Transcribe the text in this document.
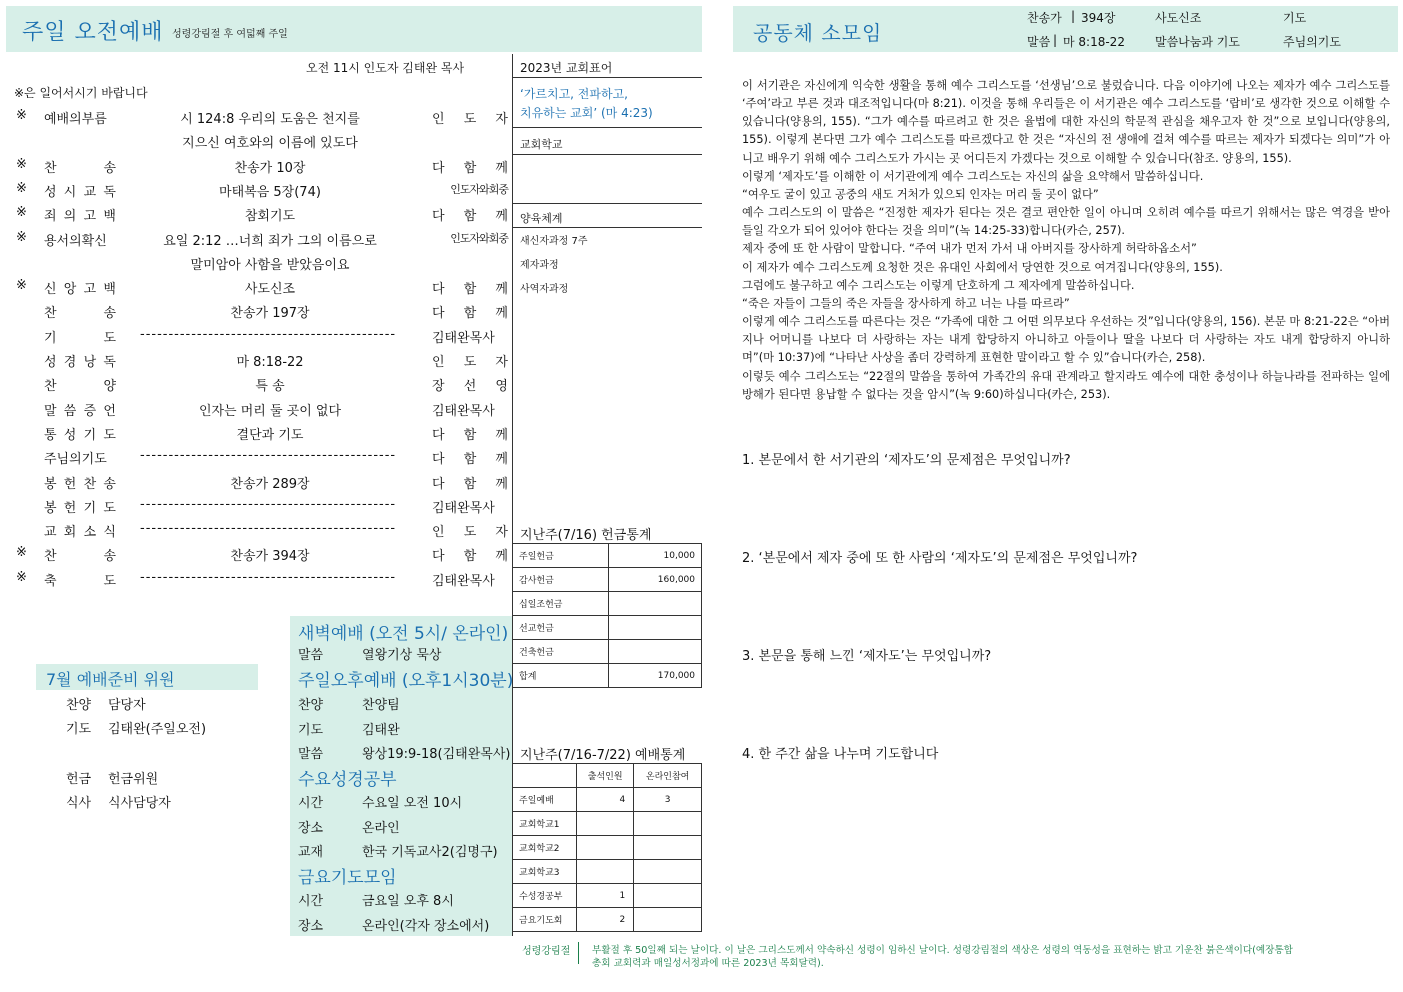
주일 오전예배 성령강림절 후 여덟째 주일
오전 11시 인도자 김태완 목사
※은 일어서시기 바랍니다
※ 예배의부름	시 124:8 우리의 도움은 천지를	인 도 자
지으신 여호와의 이름에 있도다
※ 찬 송	찬송가 10장	다 함 께
※ 성 시 교 독	마태복음 5장(74)	인도자와회중
※ 죄 의 고 백	참회기도	다 함 께
※ 용서의확신	요일 2:12 …너희 죄가 그의 이름으로	인도자와회중
말미암아 사함을 받았음이요
※ 신 앙 고 백	사도신조	다 함 께
찬 송	찬송가 197장	다 함 께
기 도 ---------------------------------------------	김태완목사
성 경 낭 독	마 8:18-22	인 도 자
찬 양	특 송	장 선 영
말 씀 증 언	인자는 머리 둘 곳이 없다	김태완목사
통 성 기 도	결단과 기도	다 함 께
주님의기도	---------------------------------------------	다 함 께
봉 헌 찬 송	찬송가 289장	다 함 께
봉 헌 기 도 ---------------------------------------------	김태완목사
교 회 소 식 ---------------------------------------------	인 도 자
※ 찬 송	찬송가 394장	다 함 께
※ 축 도 ---------------------------------------------	김태완목사
2023년 교회표어
‘가르치고, 전파하고,
치유하는 교회’ (마 4:23)
교회학교
양육체계
새신자과정 7주
제자과정
사역자과정
지난주(7/16) 헌금통계
주일헌금	10,000
감사헌금	160,000
십일조헌금	
선교헌금	
건축헌금	
합계	170,000
지난주(7/16-7/22) 예배통계
	출석인원	온라인참여
주일예배	4	3
교회학교1		
교회학교2		
교회학교3		
수성경공부	1	
금요기도회	2	
7월 예배준비 위원
찬양 담당자
기도 김태완(주일오전)
헌금 헌금위원
식사 식사담당자
새벽예배 (오전 5시/ 온라인)
말씀	열왕기상 묵상
주일오후예배 (오후1시30분)
찬양	찬양팀
기도	김태완
말씀	왕상19:9-18(김태완목사)
수요성경공부
시간	수요일 오전 10시
장소	온라인
교재	한국 기독교사2(김명구)
금요기도모임
시간	금요일 오후 8시
장소	온라인(각자 장소에서)
성령강림절 부활절 후 50일째 되는 날이다. 이 날은 그리스도께서 약속하신 성령이 임하신 날이다. 성령강림절의 색상은 성령의 역동성을 표현하는 밝고 기운찬 붉은색이다(예장통합
총회 교회력과 매일성서정과에 따른 2023년 목회달력).
공동체 소모임
찬송가 | 394장	사도신조	기도
말씀 | 마 8:18-22	말씀나눔과 기도	주님의기도

이 서기관은 자신에게 익숙한 생활을 통해 예수 그리스도를 ‘선생님’으로 불렀습니다. 다음 이야기에 나오는 제자가 예수 그리스도를 ‘주여’라고 부른 것과 대조적입니다(마 8:21). 이것을 통해 우리들은 이 서기관은 예수 그리스도를 ‘랍비’로 생각한 것으로 이해할 수 있습니다(양용의, 155). “그가 예수를 따르려고 한 것은 율법에 대한 자신의 학문적 관심을 채우고자 한 것”으로 보입니다(양용의, 155). 이렇게 본다면 그가 예수 그리스도를 따르겠다고 한 것은 “자신의 전 생애에 걸쳐 예수를 따르는 제자가 되겠다는 의미”가 아니고 배우기 위해 예수 그리스도가 가시는 곳 어디든지 가겠다는 것으로 이해할 수 있습니다(참조. 양용의, 155).

이렇게 ‘제자도’를 이해한 이 서기관에게 예수 그리스도는 자신의 삶을 요약해서 말씀하십니다.

“여우도 굴이 있고 공중의 새도 거처가 있으되 인자는 머리 둘 곳이 없다”

예수 그리스도의 이 말씀은 “진정한 제자가 된다는 것은 결코 편안한 일이 아니며 오히려 예수를 따르기 위해서는 많은 역경을 받아들일 각오가 되어 있어야 한다는 것을 의미”(녹 14:25-33)합니다(카슨, 257).

제자 중에 또 한 사람이 말합니다. “주여 내가 먼저 가서 내 아버지를 장사하게 허락하옵소서”

이 제자가 예수 그리스도께 요청한 것은 유대인 사회에서 당연한 것으로 여겨집니다(양용의, 155).

그럼에도 불구하고 예수 그리스도는 이렇게 단호하게 그 제자에게 말씀하십니다.

“죽은 자들이 그들의 죽은 자들을 장사하게 하고 너는 나를 따르라”

이렇게 예수 그리스도를 따른다는 것은 “가족에 대한 그 어떤 의무보다 우선하는 것”입니다(양용의, 156). 본문 마 8:21-22은 “아버지나 어머니를 나보다 더 사랑하는 자는 내게 합당하지 아니하고 아들이나 딸을 나보다 더 사랑하는 자도 내게 합당하지 아니하며”(마 10:37)에 “나타난 사상을 좀더 강력하게 표현한 말이라고 할 수 있”습니다(카슨, 258).

이렇듯 예수 그리스도는 “22절의 말씀을 통하여 가족간의 유대 관계라고 할지라도 예수에 대한 충성이나 하늘나라를 전파하는 일에 방해가 된다면 용납할 수 없다는 것을 암시”(녹 9:60)하십니다(카슨, 253).

1. 본문에서 한 서기관의 ‘제자도’의 문제점은 무엇입니까?
2. ‘본문에서 제자 중에 또 한 사람의 ‘제자도’의 문제점은 무엇입니까?
3. 본문을 통해 느낀 ‘제자도’는 무엇입니까?
4. 한 주간 삶을 나누며 기도합니다
